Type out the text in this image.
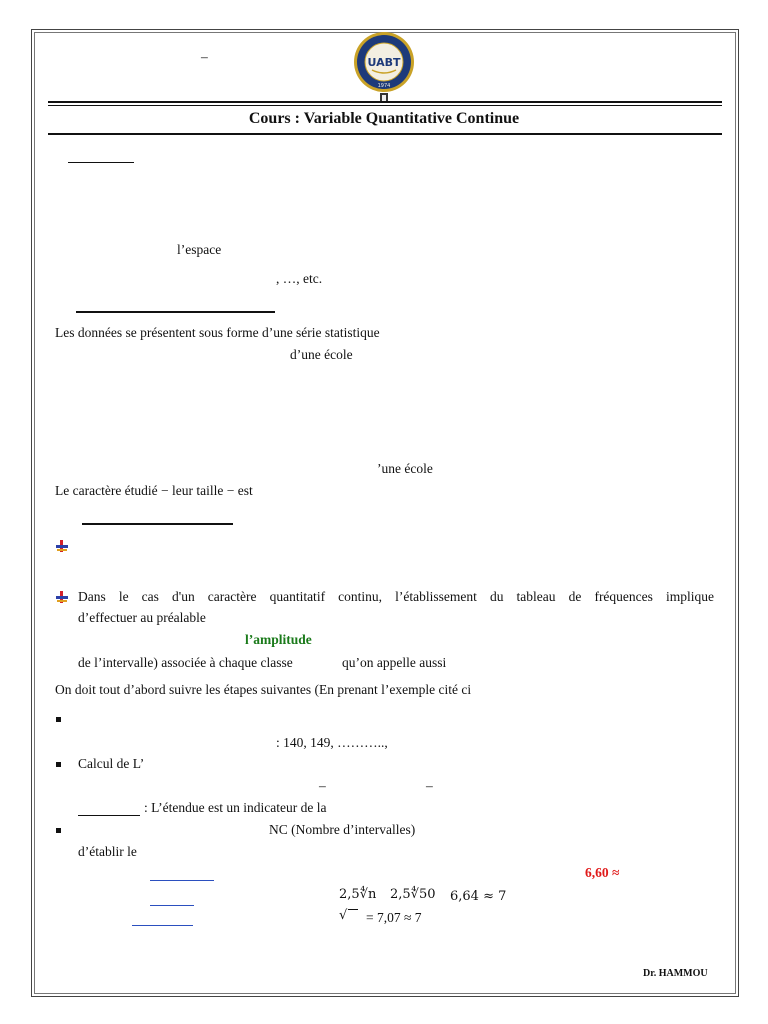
–	UABT
1974
Cours : Variable Quantitative Continue
l’espace
, …, etc.
Les données se présentent sous forme d’une série statistique
d’une école
’une école
Le caractère étudié − leur taille − est
Dans le cas d'un caractère quantitatif continu, l’établissement du tableau de fréquences implique
d’effectuer au préalable
l’amplitude
de l’intervalle) associée à chaque classe	qu’on appelle aussi
On doit tout d’abord suivre les étapes suivantes (En prenant l’exemple cité ci
: 140, 149, ………..,
Calcul de L’
–	–
: L’étendue est un indicateur de la
NC (Nombre d’intervalles)
d’établir le
6,60 ≈
2,5∜n 2,5∜50 6,64 ≈ 7
√ = 7,07 ≈ 7
Dr. HAMMOU
